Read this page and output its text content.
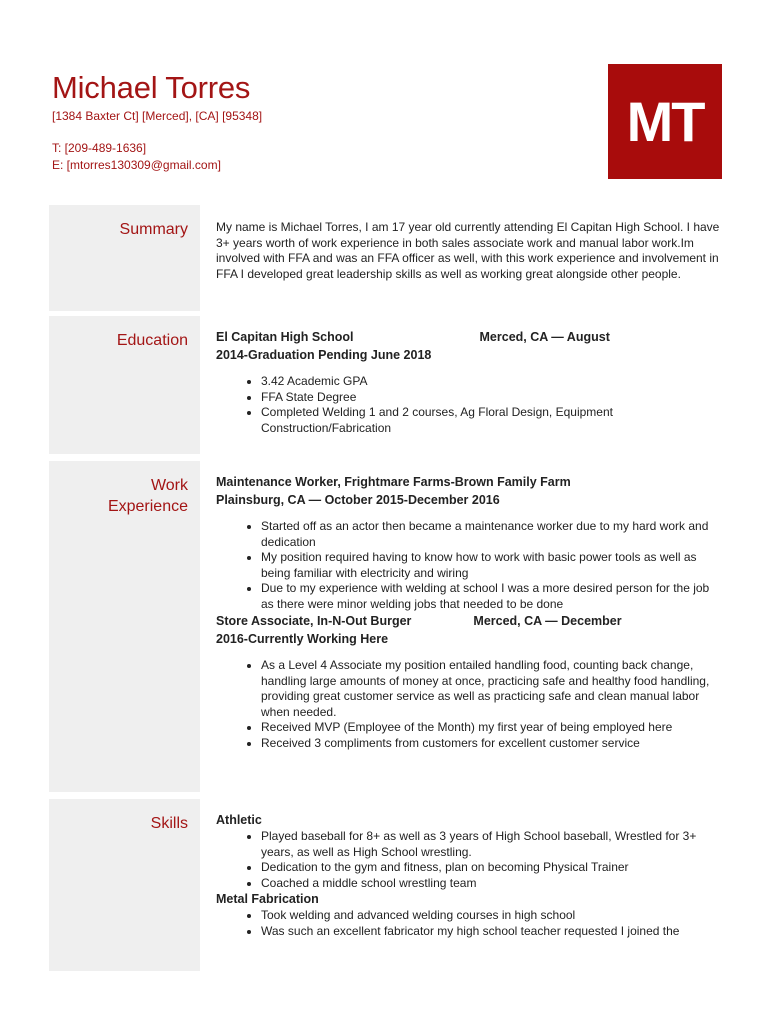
Michael Torres
[1384 Baxter Ct] [Merced], [CA] [95348]
T: [209-489-1636]
E: [mtorres130309@gmail.com]
MT
Summary My name is Michael Torres, I am 17 year old currently attending El Capitan High School. I have 3+ years worth of work experience in both sales associate work and manual labor work.Im involved with FFA and was an FFA officer as well, with this work experience and involvement in FFA I developed great leadership skills as well as working great alongside other people.

Education El Capitan High School	Merced, CA — August

2014-Graduation Pending June 2018

• 3.42 Academic GPA
• FFA State Degree
• Completed Welding 1 and 2 courses, Ag Floral Design, Equipment Construction/Fabrication
Work
Experience

Maintenance Worker, Frightmare Farms-Brown Family Farm

Plainsburg, CA — October 2015-December 2016

• Started off as an actor then became a maintenance worker due to my hard work and dedication
• My position required having to know how to work with basic power tools as well as being familiar with electricity and wiring
• Due to my experience with welding at school I was a more desired person for the job as there were minor welding jobs that needed to be done

Store Associate, In-N-Out Burger	Merced, CA — December

2016-Currently Working Here

• As a Level 4 Associate my position entailed handling food, counting back change, handling large amounts of money at once, practicing safe and healthy food handling, providing great customer service as well as practicing safe and clean manual labor when needed.
• Received MVP (Employee of the Month) my first year of being employed here
• Received 3 compliments from customers for excellent customer service
Skills Athletic

• Played baseball for 8+ as well as 3 years of High School baseball, Wrestled for 3+ years, as well as High School wrestling.
• Dedication to the gym and fitness, plan on becoming Physical Trainer
• Coached a middle school wrestling team

Metal Fabrication

• Took welding and advanced welding courses in high school
• Was such an excellent fabricator my high school teacher requested I joined the
